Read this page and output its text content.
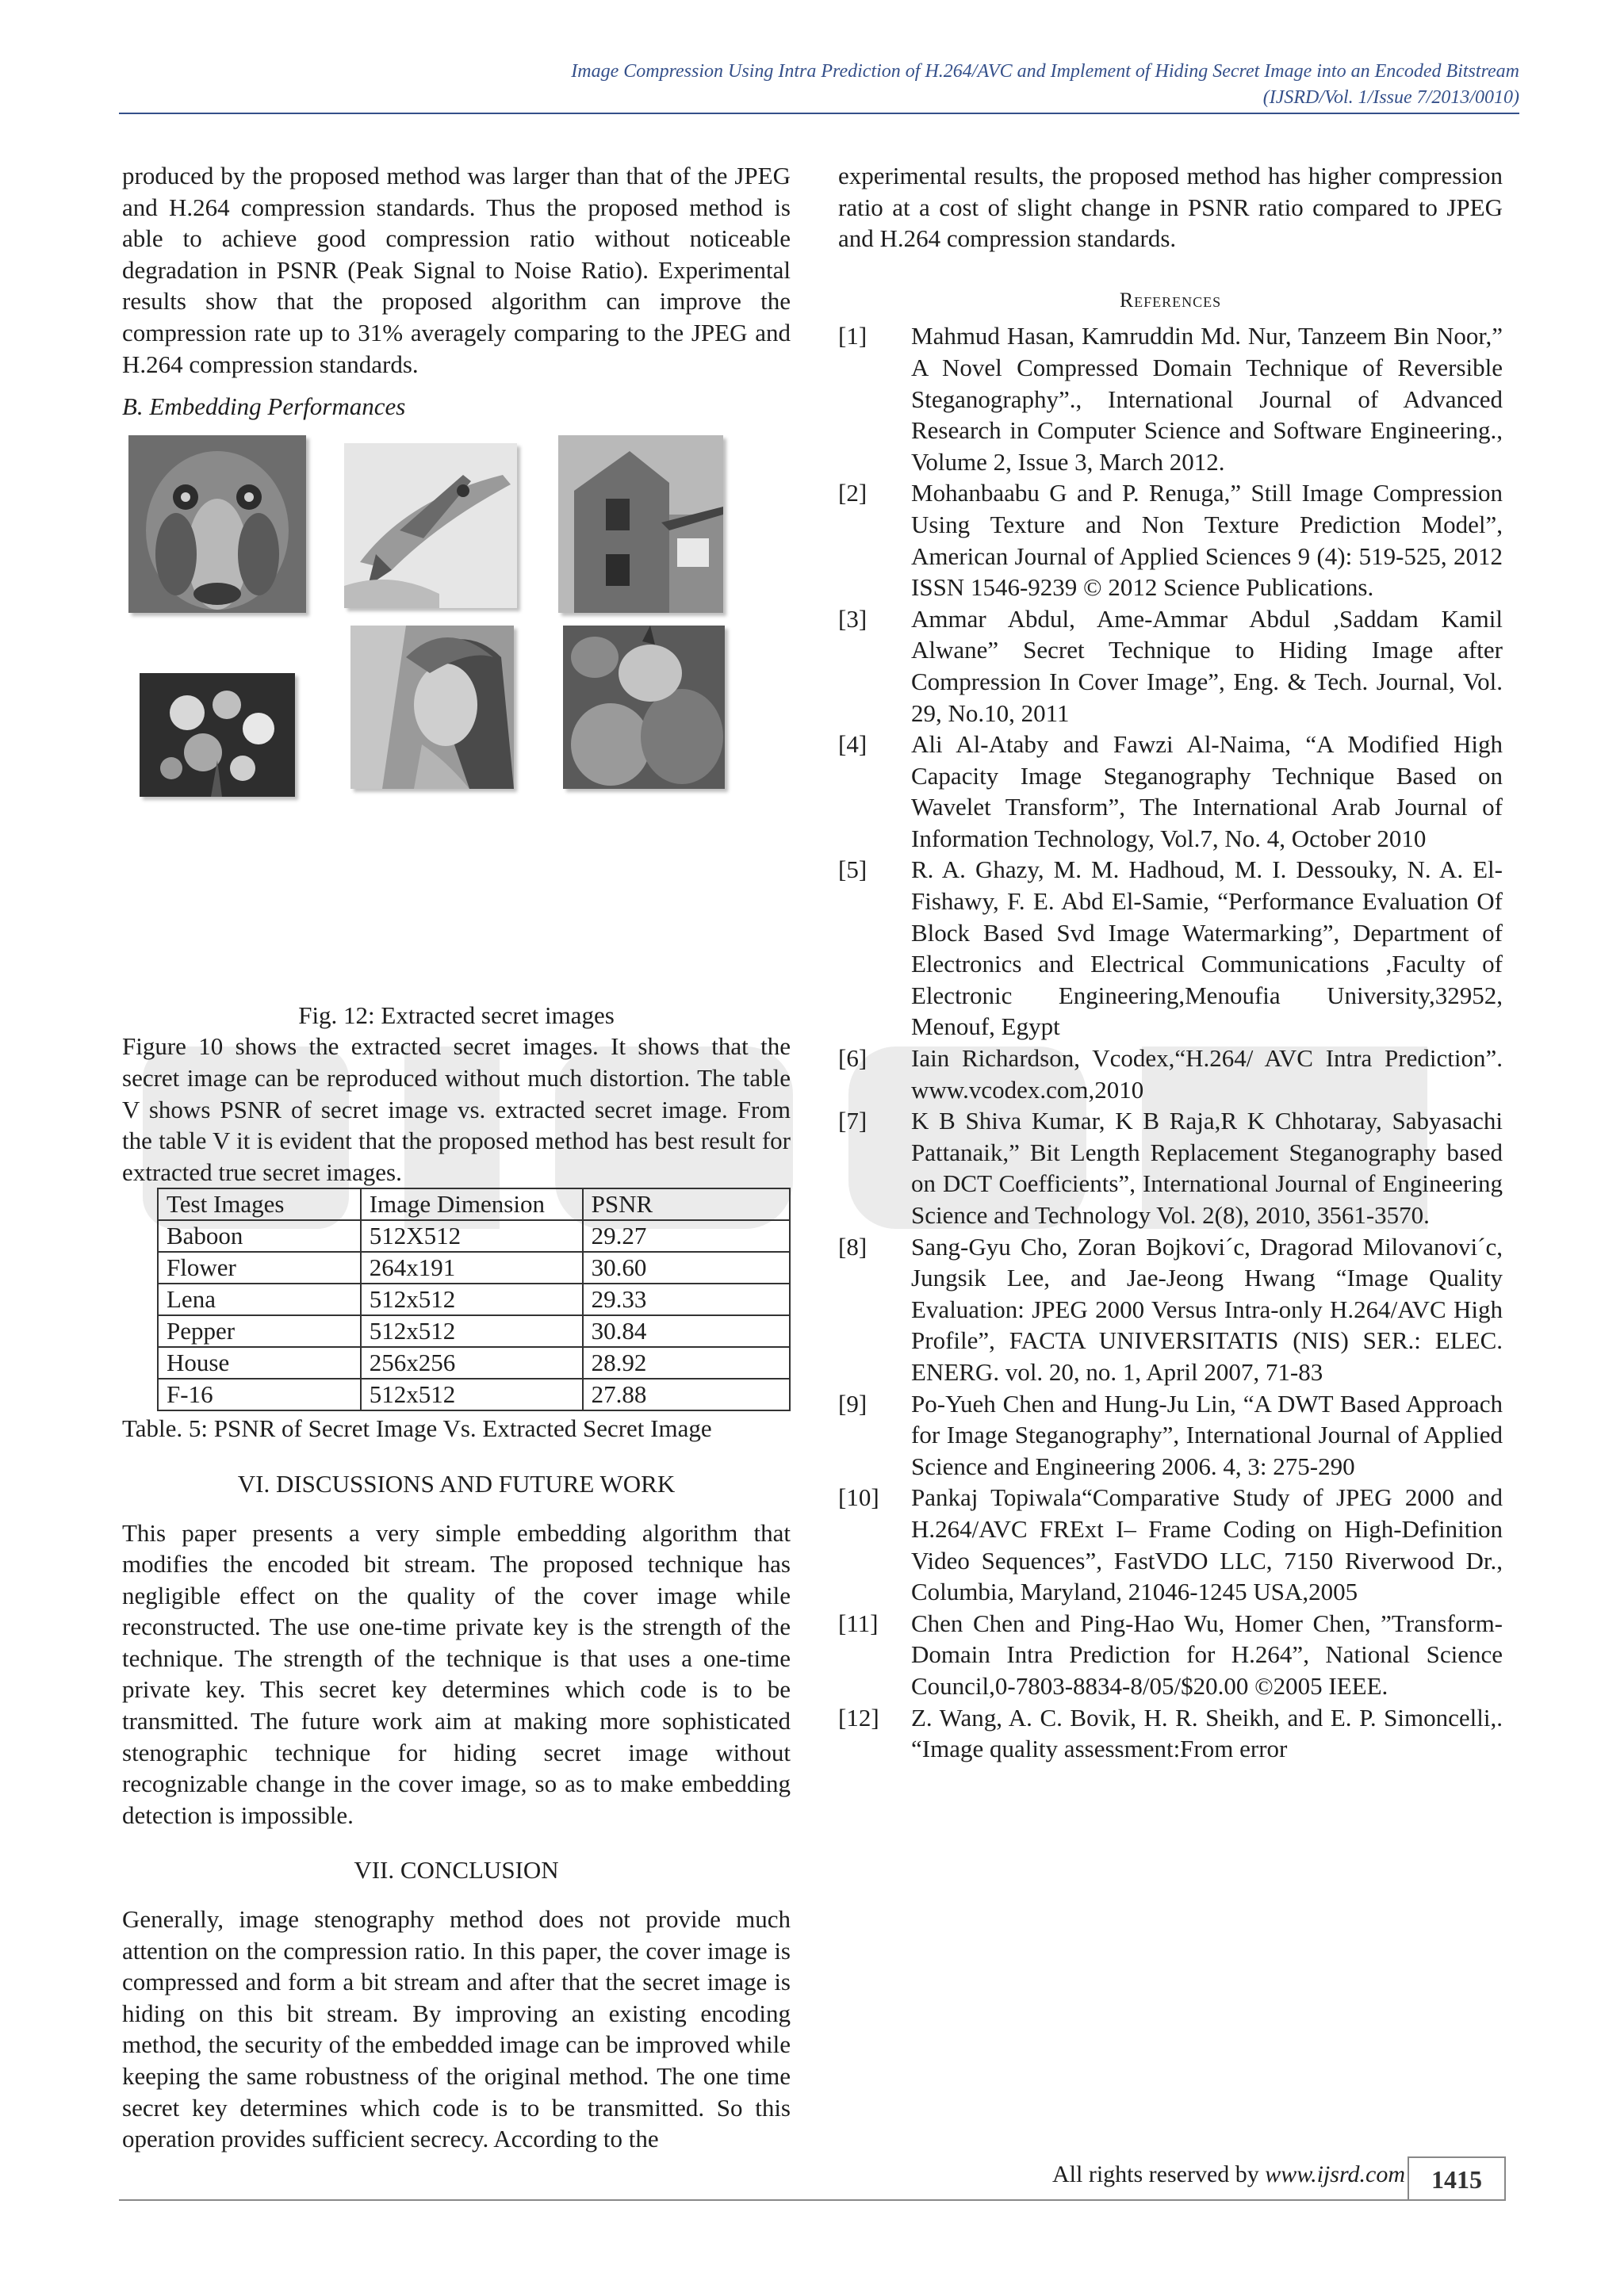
Image Compression Using Intra Prediction of H.264/AVC and Implement of Hiding Secret Image into an Encoded Bitstream
(IJSRD/Vol. 1/Issue 7/2013/0010)

produced by the proposed method was larger than that of the JPEG and H.264 compression standards. Thus the proposed method is able to achieve good compression ratio without noticeable degradation in PSNR (Peak Signal to Noise Ratio). Experimental results show that the proposed algorithm can improve the compression rate up to 31% averagely comparing to the JPEG and H.264 compression standards.

B. Embedding Performances

Fig. 12: Extracted secret images

Figure 10 shows the extracted secret images. It shows that the secret image can be reproduced without much distortion. The table V shows PSNR of secret image vs. extracted secret image. From the table V it is evident that the proposed method has best result for extracted true secret images.

Test Images	Image Dimension	PSNR
Baboon	512X512	29.27
Flower	264x191	30.60
Lena	512x512	29.33
Pepper	512x512	30.84
House	256x256	28.92
F-16	512x512	27.88

Table. 5: PSNR of Secret Image Vs. Extracted Secret Image

VI. DISCUSSIONS AND FUTURE WORK

This paper presents a very simple embedding algorithm that modifies the encoded bit stream. The proposed technique has negligible effect on the quality of the cover image while reconstructed. The use one-time private key is the strength of the technique. The strength of the technique is that uses a one-time private key. This secret key determines which code is to be transmitted. The future work aim at making more sophisticated stenographic technique for hiding secret image without recognizable change in the cover image, so as to make embedding detection is impossible.

VII. CONCLUSION

Generally, image stenography method does not provide much attention on the compression ratio. In this paper, the cover image is compressed and form a bit stream and after that the secret image is hiding on this bit stream. By improving an existing encoding method, the security of the embedded image can be improved while keeping the same robustness of the original method. The one time secret key determines which code is to be transmitted. So this operation provides sufficient secrecy. According to the

experimental results, the proposed method has higher compression ratio at a cost of slight change in PSNR ratio compared to JPEG and H.264 compression standards.

References

[1]	Mahmud Hasan, Kamruddin Md. Nur, Tanzeem Bin Noor,” A Novel Compressed Domain Technique of Reversible Steganography”., International Journal of Advanced Research in Computer Science and Software Engineering., Volume 2, Issue 3, March 2012.
[2]	Mohanbaabu G and P. Renuga,” Still Image Compression Using Texture and Non Texture Prediction Model”, American Journal of Applied Sciences 9 (4): 519-525, 2012 ISSN 1546-9239 © 2012 Science Publications.
[3]	Ammar Abdul, Ame-Ammar Abdul ,Saddam Kamil Alwane” Secret Technique to Hiding Image after Compression In Cover Image”, Eng. & Tech. Journal, Vol. 29, No.10, 2011
[4]	Ali Al-Ataby and Fawzi Al-Naima, “A Modified High Capacity Image Steganography Technique Based on Wavelet Transform”, The International Arab Journal of Information Technology, Vol.7, No. 4, October 2010
[5]	R. A. Ghazy, M. M. Hadhoud, M. I. Dessouky, N. A. El-Fishawy, F. E. Abd El-Samie, “Performance Evaluation Of Block Based Svd Image Watermarking”, Department of Electronics and Electrical Communications ,Faculty of Electronic Engineering,Menoufia University,32952, Menouf, Egypt
[6]	Iain Richardson, Vcodex,“H.264/ AVC Intra Prediction”. www.vcodex.com,2010
[7]	K B Shiva Kumar, K B Raja,R K Chhotaray, Sabyasachi Pattanaik,” Bit Length Replacement Steganography based on DCT Coefficients”, International Journal of Engineering Science and Technology Vol. 2(8), 2010, 3561-3570.
[8]	Sang-Gyu Cho, Zoran Bojkovi´c, Dragorad Milovanovi´c, Jungsik Lee, and Jae-Jeong Hwang “Image Quality Evaluation: JPEG 2000 Versus Intra-only H.264/AVC High Profile”, FACTA UNIVERSITATIS (NIS) SER.: ELEC. ENERG. vol. 20, no. 1, April 2007, 71-83
[9]	Po-Yueh Chen and Hung-Ju Lin, “A DWT Based Approach for Image Steganography”, International Journal of Applied Science and Engineering 2006. 4, 3: 275-290
[10]	Pankaj Topiwala“Comparative Study of JPEG 2000 and H.264/AVC FRExt I– Frame Coding on High-Definition Video Sequences”, FastVDO LLC, 7150 Riverwood Dr., Columbia, Maryland, 21046-1245 USA,2005
[11]	Chen Chen and Ping-Hao Wu, Homer Chen, ”Transform-Domain Intra Prediction for H.264”, National Science Council,0-7803-8834-8/05/$20.00 ©2005 IEEE.
[12]	Z. Wang, A. C. Bovik, H. R. Sheikh, and E. P. Simoncelli,. “Image quality assessment:From error
All rights reserved by www.ijsrd.com	1415
